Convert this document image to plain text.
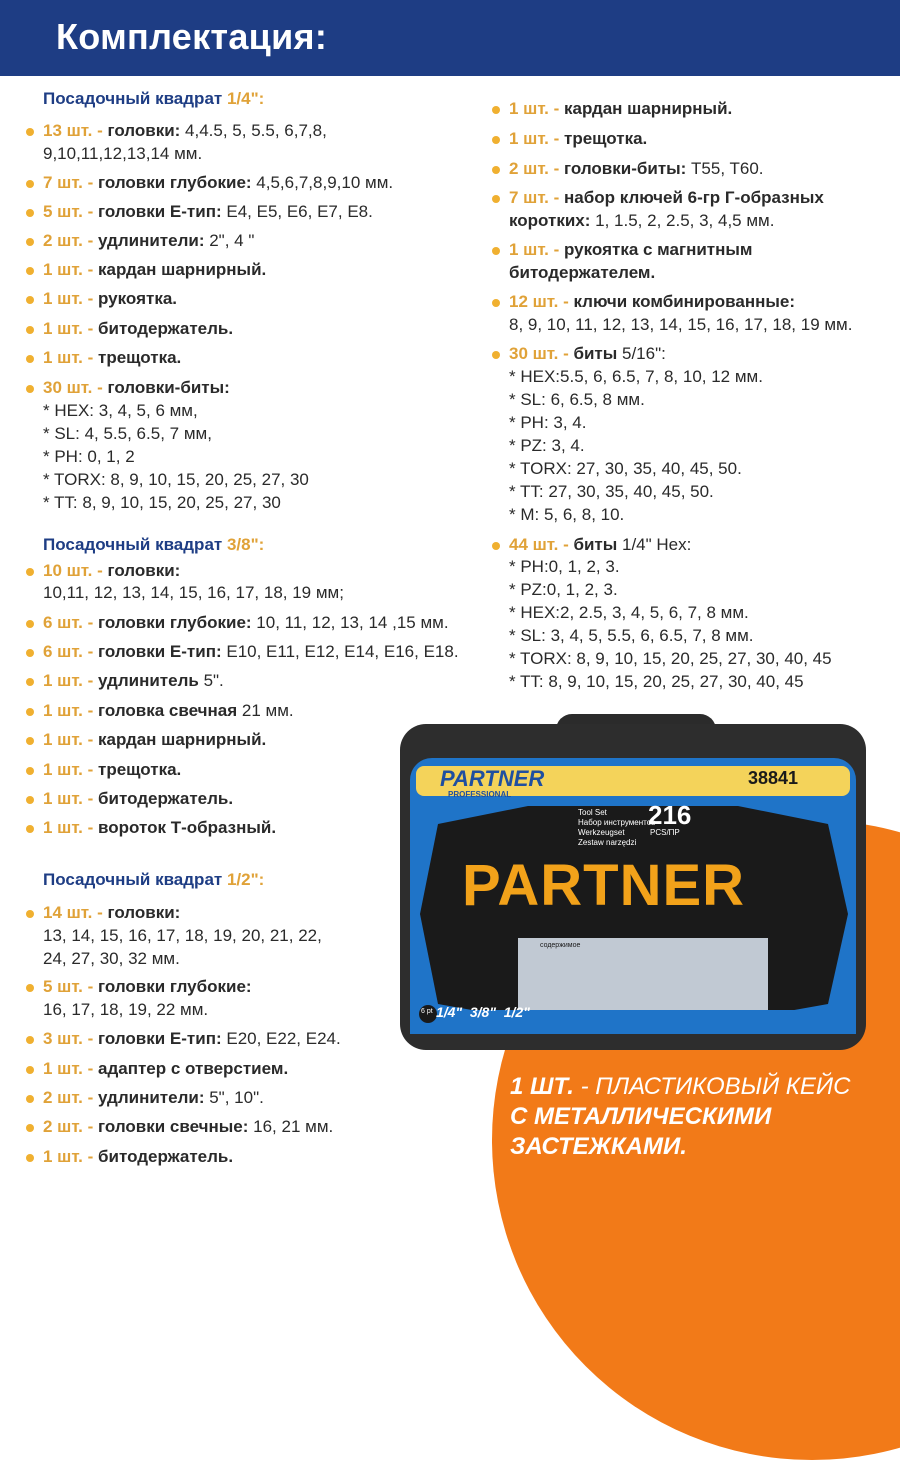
Комплектация:
Посадочный квадрат 1/4":
Посадочный квадрат 3/8":
Посадочный квадрат 1/2":
13 шт. - головки: 4,4.5, 5, 5.5, 6,7,8,
9,10,11,12,13,14 мм.
7 шт. - головки глубокие: 4,5,6,7,8,9,10 мм.
5 шт. - головки Е-тип: E4, E5, E6, E7, E8.
2 шт. - удлинители: 2", 4 "
1 шт. - кардан шарнирный.
1 шт. - рукоятка.
1 шт. - битодержатель.
1 шт. - трещотка.
30 шт. - головки-биты:
* HEX: 3, 4, 5, 6 мм,
* SL: 4, 5.5, 6.5, 7 мм,
* PH: 0, 1, 2
* TORX: 8, 9, 10, 15, 20, 25, 27, 30
* TT: 8, 9, 10, 15, 20, 25, 27, 30
10 шт. - головки:
10,11, 12, 13, 14, 15, 16, 17, 18, 19 мм;
6 шт. - головки глубокие: 10, 11, 12, 13, 14 ,15 мм.
6 шт. - головки Е-тип: E10, E11, E12, E14, E16, E18.
1 шт. - удлинитель 5".
1 шт. - головка свечная 21 мм.
1 шт. - кардан шарнирный.
1 шт. - трещотка.
1 шт. - битодержатель.
1 шт. - вороток Т-образный.
14 шт. - головки:
13, 14, 15, 16, 17, 18, 19, 20, 21, 22,
24, 27, 30, 32 мм.
5 шт. - головки глубокие:
16, 17, 18, 19, 22 мм.
3 шт. - головки Е-тип: E20, E22, E24.
1 шт. - адаптер с отверстием.
2 шт. - удлинители: 5", 10".
2 шт. - головки свечные: 16, 21 мм.
1 шт. - битодержатель.
1 шт. - кардан шарнирный.
1 шт. - трещотка.
2 шт. - головки-биты: T55, T60.
7 шт. - набор ключей 6-гр Г-образных
коротких: 1, 1.5, 2, 2.5, 3, 4,5 мм.
1 шт. - рукоятка с магнитным
битодержателем.
12 шт. - ключи комбинированные:
8, 9, 10, 11, 12, 13, 14, 15, 16, 17, 18, 19 мм.
30 шт. - биты 5/16":
* HEX:5.5, 6, 6.5, 7, 8, 10, 12 мм.
* SL: 6, 6.5, 8 мм.
* PH: 3, 4.
* PZ: 3, 4.
* TORX: 27, 30, 35, 40, 45, 50.
* TT: 27, 30, 35, 40, 45, 50.
* M: 5, 6, 8, 10.
44 шт. - биты 1/4" Hex:
* PH:0, 1, 2, 3.
* PZ:0, 1, 2, 3.
* HEX:2, 2.5, 3, 4, 5, 6, 7, 8 мм.
* SL: 3, 4, 5, 5.5, 6, 6.5, 7, 8 мм.
* TORX: 8, 9, 10, 15, 20, 25, 27, 30, 40, 45
* TT: 8, 9, 10, 15, 20, 25, 27, 30, 40, 45
PARTNER
PROFESSIONAL
38841
Tool Set
Набор инструментов
Werkzeugset
Zestaw narzędzi
216
PCS/ПР
PARTNER
содержимое
6 pt 1/4"  3/8"  1/2"
1 ШТ. - ПЛАСТИКОВЫЙ КЕЙС
С МЕТАЛЛИЧЕСКИМИ
ЗАСТЕЖКАМИ.
